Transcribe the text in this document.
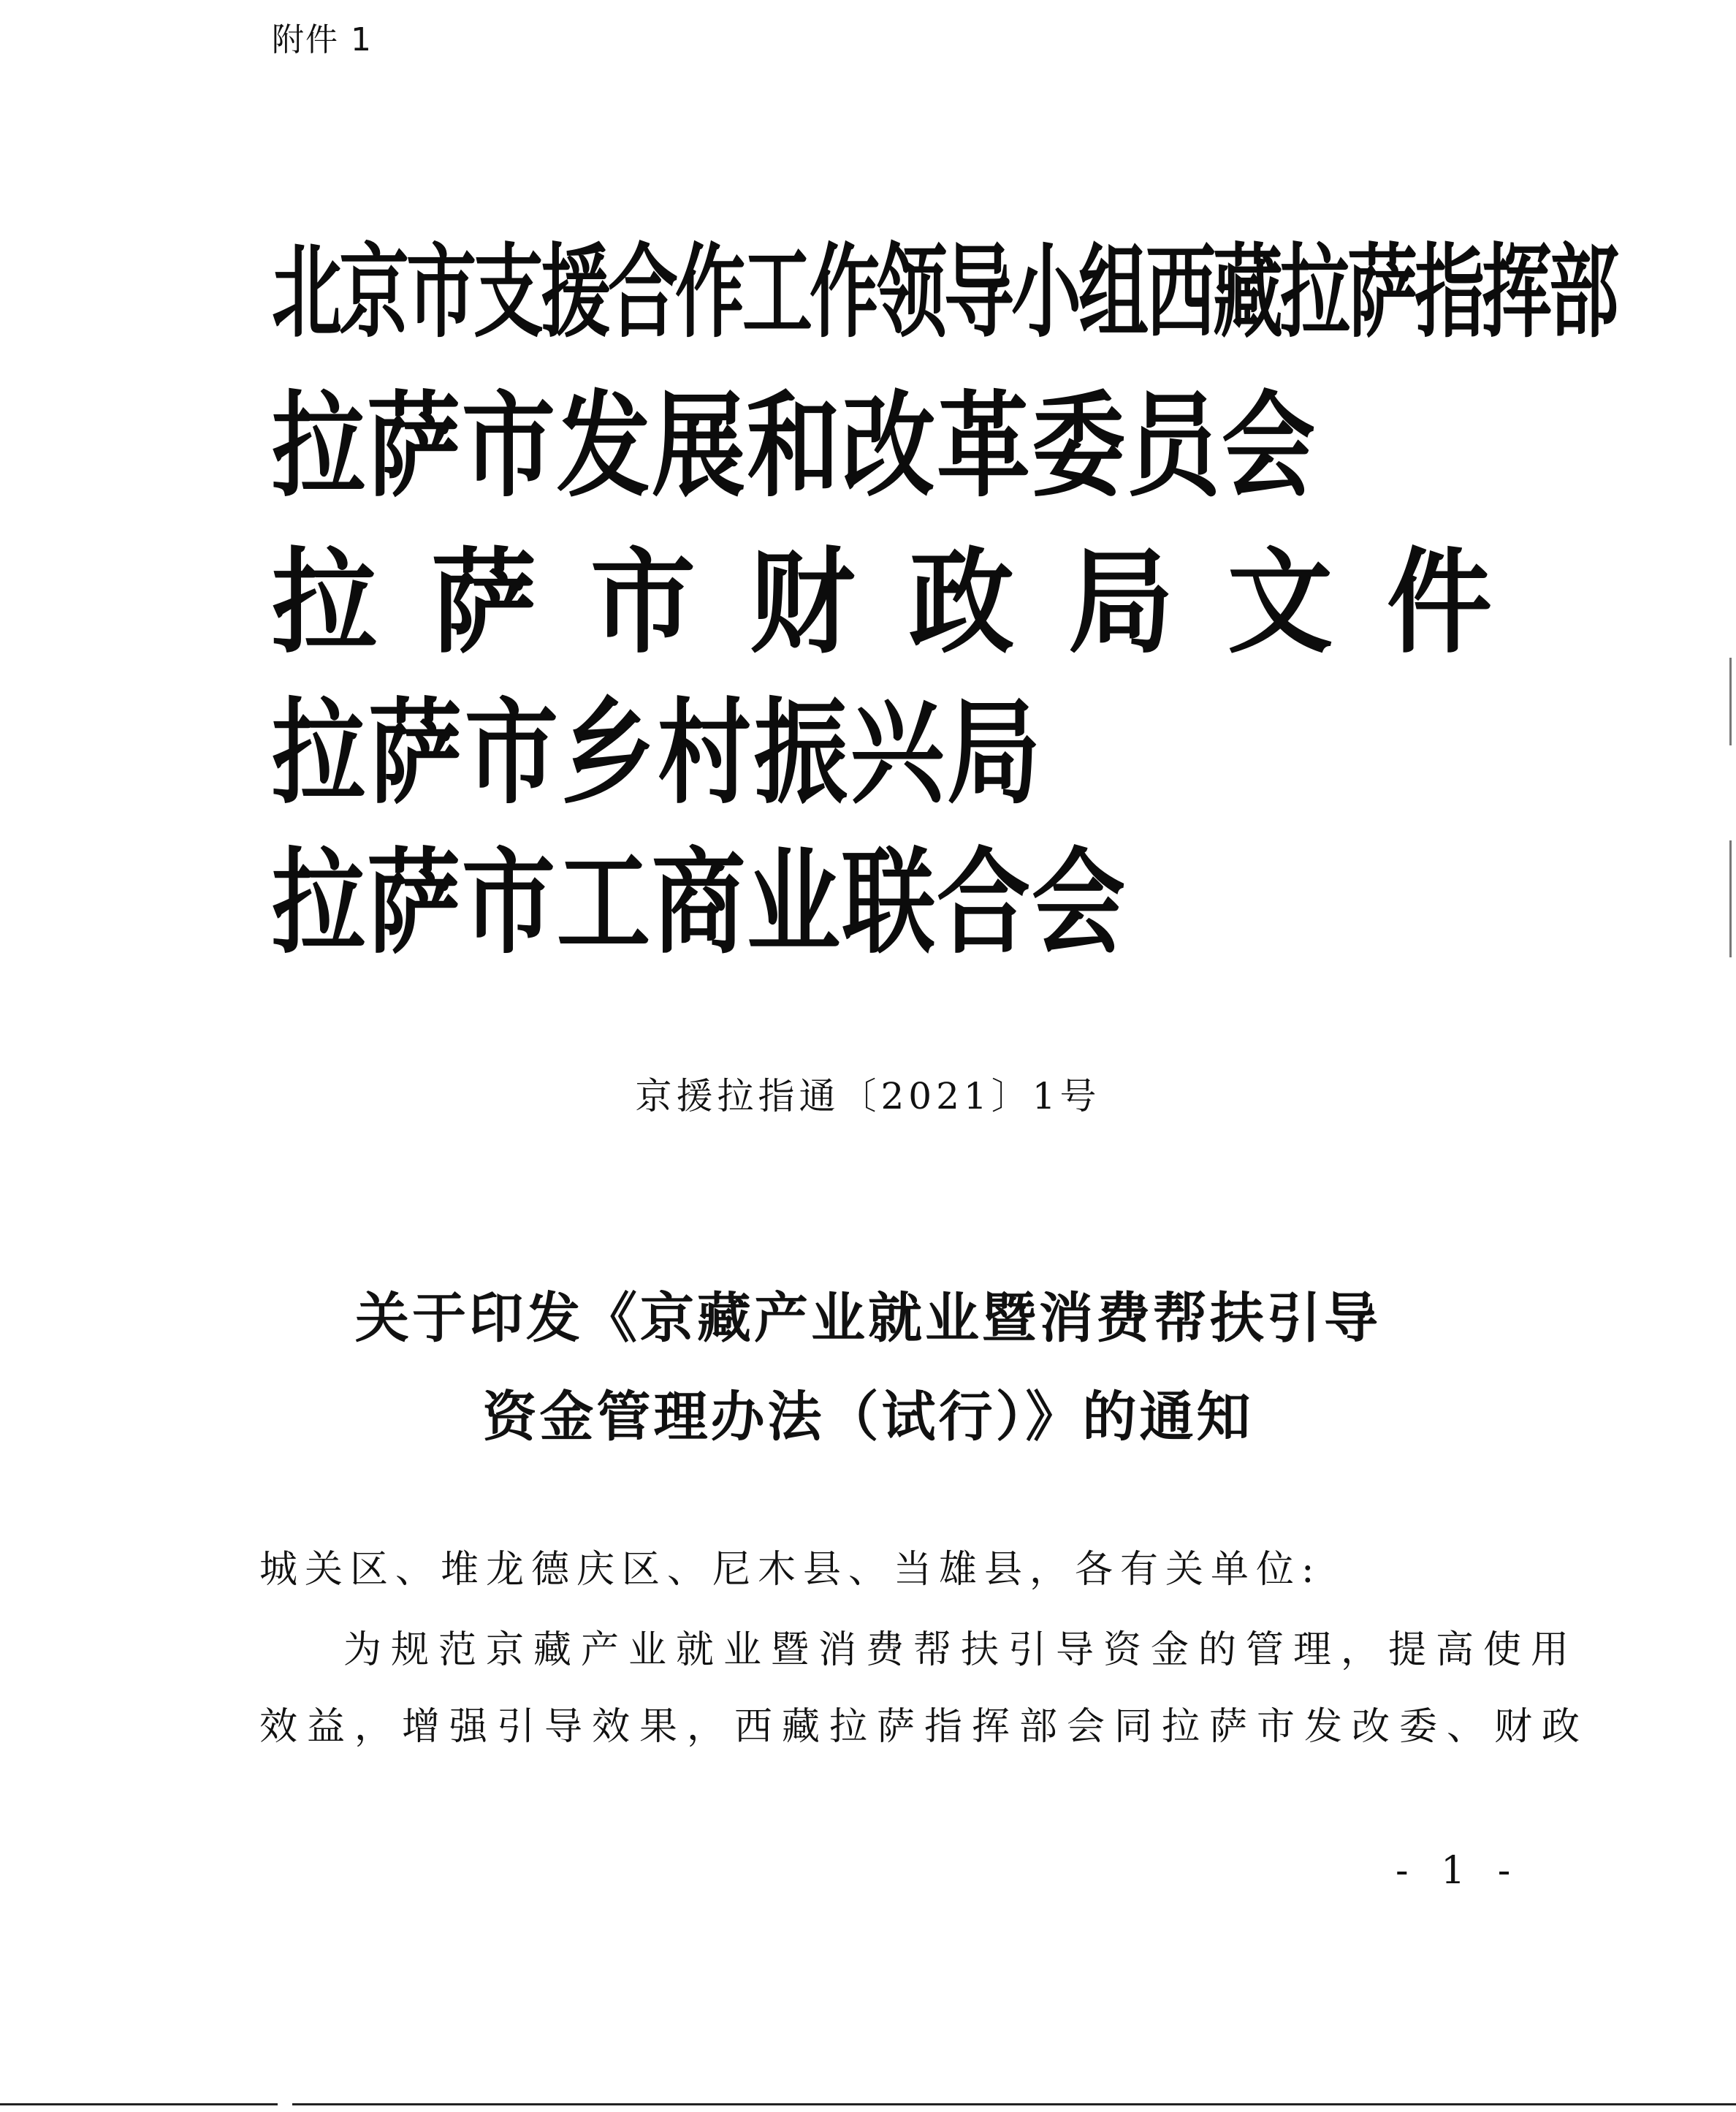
附件 1
北京市支援合作工作领导小组西藏拉萨指挥部
拉萨市发展和改革委员会
拉萨市财政局文件
拉萨市乡村振兴局
拉萨市工商业联合会
京援拉指通〔2021〕1号
关于印发《京藏产业就业暨消费帮扶引导
资金管理办法（试行）》的通知
城关区、堆龙德庆区、尼木县、当雄县，各有关单位:
为规范京藏产业就业暨消费帮扶引导资金的管理，提高使用
效益，增强引导效果，西藏拉萨指挥部会同拉萨市发改委、财政
- 1 -
